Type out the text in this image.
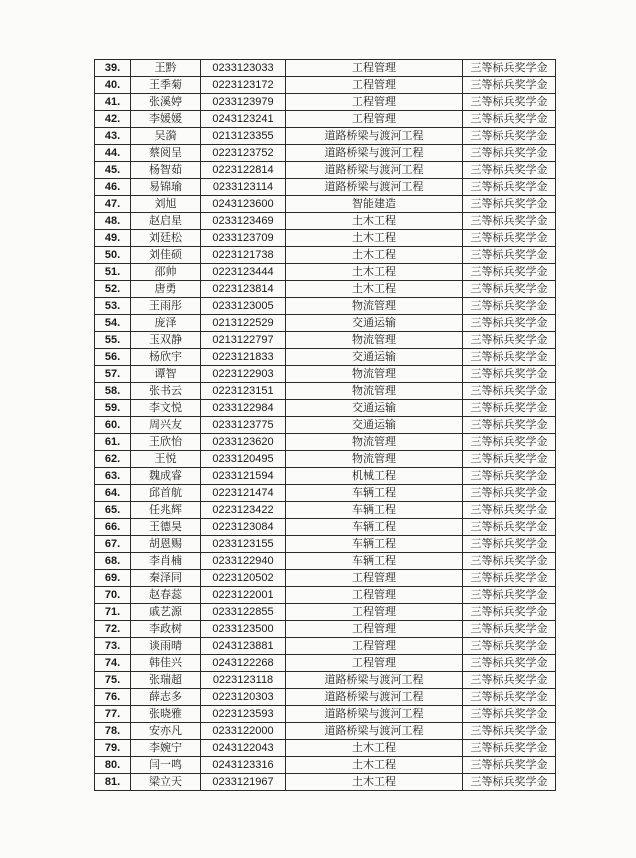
39.	王黔	0233123033	工程管理	三等标兵奖学金
40.	王季菊	0223123172	工程管理	三等标兵奖学金
41.	张溪婷	0233123979	工程管理	三等标兵奖学金
42.	李媛媛	0243123241	工程管理	三等标兵奖学金
43.	吴漪	0213123355	道路桥梁与渡河工程	三等标兵奖学金
44.	蔡阅呈	0223123752	道路桥梁与渡河工程	三等标兵奖学金
45.	杨智茹	0223122814	道路桥梁与渡河工程	三等标兵奖学金
46.	易锦瑜	0233123114	道路桥梁与渡河工程	三等标兵奖学金
47.	刘旭	0243123600	智能建造	三等标兵奖学金
48.	赵启星	0233123469	土木工程	三等标兵奖学金
49.	刘廷松	0233123709	土木工程	三等标兵奖学金
50.	刘佳硕	0223121738	土木工程	三等标兵奖学金
51.	邵帅	0223123444	土木工程	三等标兵奖学金
52.	唐勇	0223123814	土木工程	三等标兵奖学金
53.	王雨彤	0233123005	物流管理	三等标兵奖学金
54.	庞泽	0213122529	交通运输	三等标兵奖学金
55.	玉双静	0213122797	物流管理	三等标兵奖学金
56.	杨欣宇	0223121833	交通运输	三等标兵奖学金
57.	谭智	0223122903	物流管理	三等标兵奖学金
58.	张书云	0223123151	物流管理	三等标兵奖学金
59.	李文悦	0233122984	交通运输	三等标兵奖学金
60.	周兴友	0233123775	交通运输	三等标兵奖学金
61.	王欣怡	0233123620	物流管理	三等标兵奖学金
62.	王悦	0233120495	物流管理	三等标兵奖学金
63.	魏成睿	0233121594	机械工程	三等标兵奖学金
64.	邱首航	0223121474	车辆工程	三等标兵奖学金
65.	任兆辉	0223123422	车辆工程	三等标兵奖学金
66.	王德昊	0223123084	车辆工程	三等标兵奖学金
67.	胡恩赐	0233123155	车辆工程	三等标兵奖学金
68.	李肖楠	0233122940	车辆工程	三等标兵奖学金
69.	秦泽同	0223120502	工程管理	三等标兵奖学金
70.	赵春蕊	0223122001	工程管理	三等标兵奖学金
71.	戚艺源	0233122855	工程管理	三等标兵奖学金
72.	李政树	0233123500	工程管理	三等标兵奖学金
73.	谈雨晴	0243123881	工程管理	三等标兵奖学金
74.	韩佳兴	0243122268	工程管理	三等标兵奖学金
75.	张瑞超	0223123118	道路桥梁与渡河工程	三等标兵奖学金
76.	薛志多	0223120303	道路桥梁与渡河工程	三等标兵奖学金
77.	张晓雅	0223123593	道路桥梁与渡河工程	三等标兵奖学金
78.	安亦凡	0233122000	道路桥梁与渡河工程	三等标兵奖学金
79.	李婉宁	0243122043	土木工程	三等标兵奖学金
80.	闫一鸣	0243123316	土木工程	三等标兵奖学金
81.	梁立天	0233121967	土木工程	三等标兵奖学金
